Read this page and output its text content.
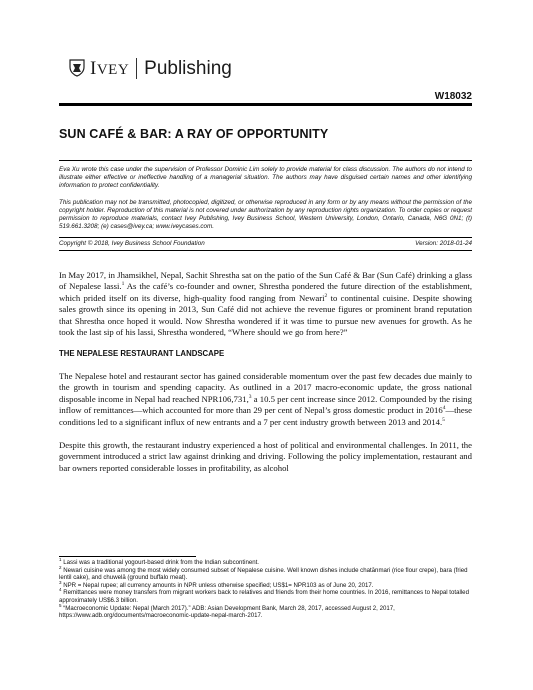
IVEY Publishing
W18032
SUN CAFÉ & BAR: A RAY OF OPPORTUNITY
Eva Xu wrote this case under the supervision of Professor Dominic Lim solely to provide material for class discussion. The authors do not intend to illustrate either effective or ineffective handling of a managerial situation. The authors may have disguised certain names and other identifying information to protect confidentiality.
This publication may not be transmitted, photocopied, digitized, or otherwise reproduced in any form or by any means without the permission of the copyright holder. Reproduction of this material is not covered under authorization by any reproduction rights organization. To order copies or request permission to reproduce materials, contact Ivey Publishing, Ivey Business School, Western University, London, Ontario, Canada, N6G 0N1; (t) 519.661.3208; (e) cases@ivey.ca; www.iveycases.com.
Copyright © 2018, Ivey Business School Foundation	Version: 2018-01-24

In May 2017, in Jhamsikhel, Nepal, Sachit Shrestha sat on the patio of the Sun Café & Bar (Sun Café) drinking a glass of Nepalese lassi.$^1$ As the café’s co-founder and owner, Shrestha pondered the future direction of the establishment, which prided itself on its diverse, high-quality food ranging from Newari$^2$ to continental cuisine. Despite showing sales growth since its opening in 2013, Sun Café did not achieve the revenue figures or prominent brand reputation that Shrestha once hoped it would. Now Shrestha wondered if it was time to pursue new avenues for growth. As he took the last sip of his lassi, Shrestha wondered, “Where should we go from here?”

THE NEPALESE RESTAURANT LANDSCAPE

The Nepalese hotel and restaurant sector has gained considerable momentum over the past few decades due mainly to the growth in tourism and spending capacity. As outlined in a 2017 macro-economic update, the gross national disposable income in Nepal had reached NPR106,731,$^3$ a 10.5 per cent increase since 2012. Compounded by the rising inflow of remittances—which accounted for more than 29 per cent of Nepal’s gross domestic product in 2016$^4$—these conditions led to a significant influx of new entrants and a 7 per cent industry growth between 2013 and 2014.$^5$

Despite this growth, the restaurant industry experienced a host of political and environmental challenges. In 2011, the government introduced a strict law against drinking and driving. Following the policy implementation, restaurant and bar owners reported considerable losses in profitability, as alcohol

$^1$ Lassi was a traditional yogourt-based drink from the Indian subcontinent.

$^2$ Newari cuisine was among the most widely consumed subset of Nepalese cuisine. Well known dishes include chatānmari (rice flour crepe), bara (fried lentil cake), and chuwelā (ground buffalo meat).

$^3$ NPR = Nepal rupee; all currency amounts in NPR unless otherwise specified; US$1= NPR103 as of June 20, 2017.

$^4$ Remittances were money transfers from migrant workers back to relatives and friends from their home countries. In 2016, remittances to Nepal totalled approximately US$6.3 billion.

$^5$ “Macroeconomic Update: Nepal (March 2017).” ADB: Asian Development Bank, March 28, 2017, accessed August 2, 2017, https://www.adb.org/documents/macroeconomic-update-nepal-march-2017.
